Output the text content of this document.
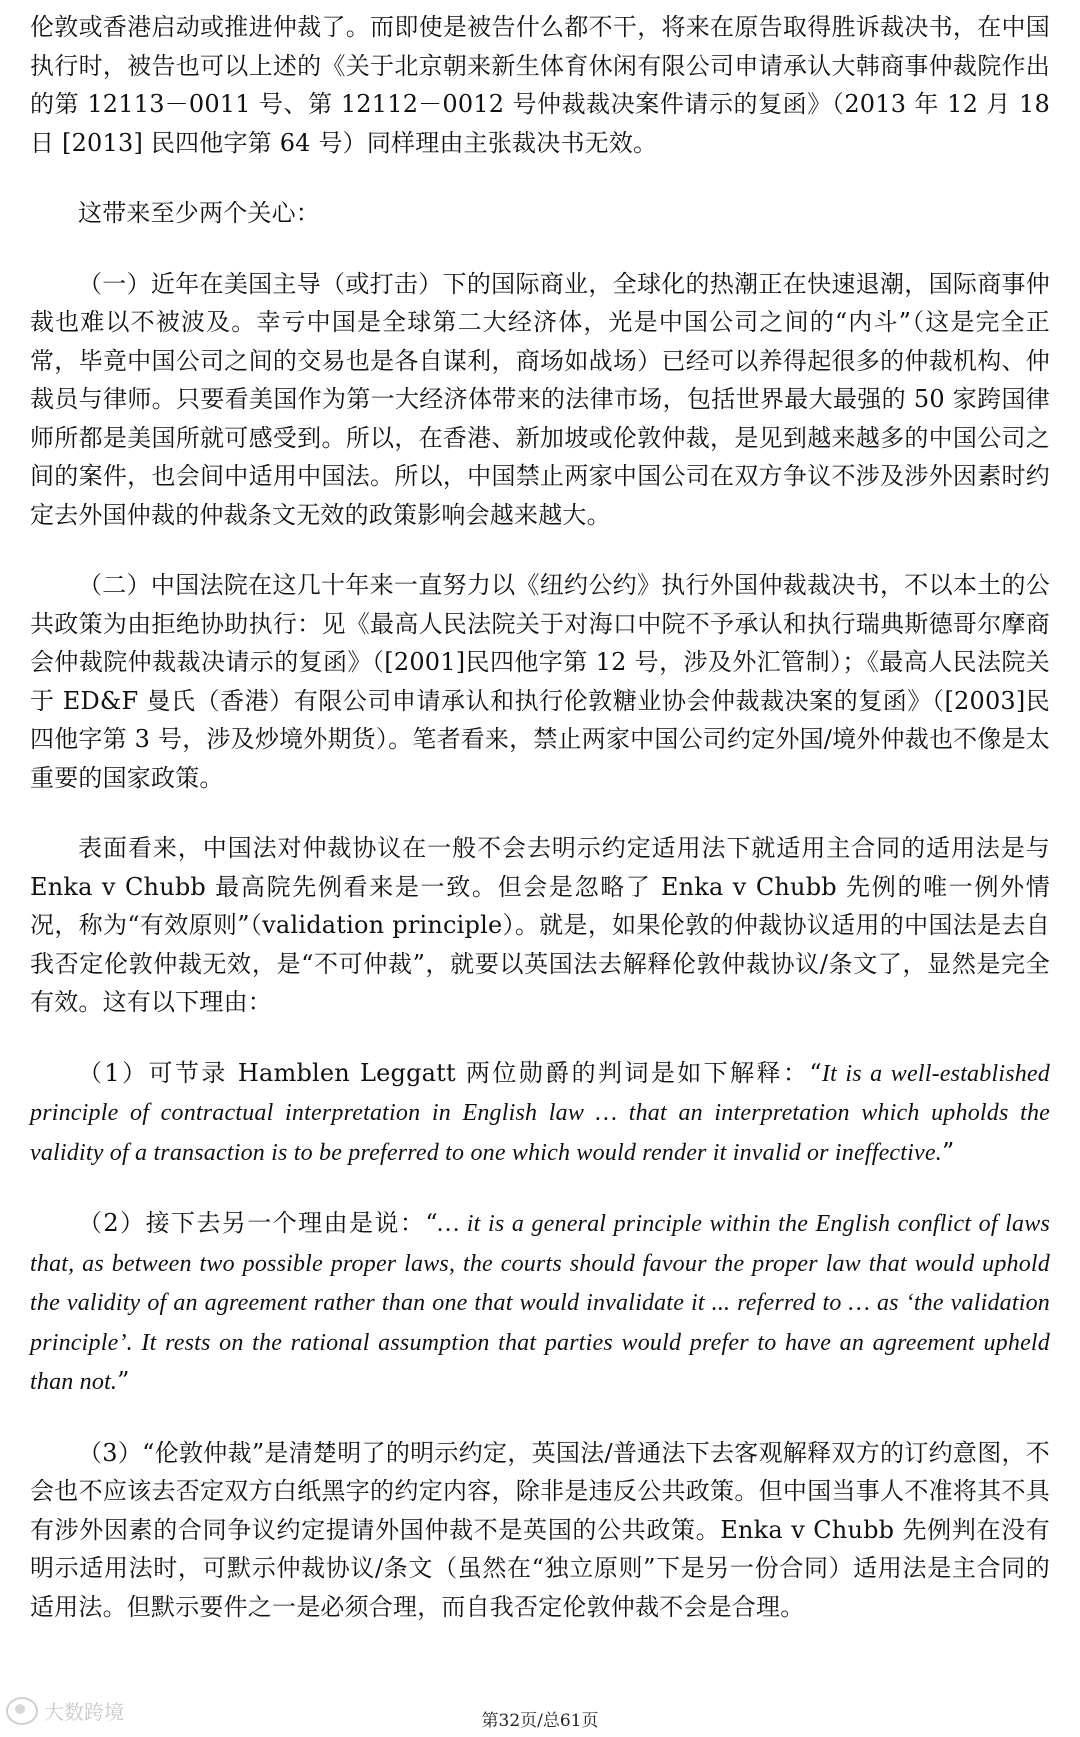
伦敦或香港启动或推进仲裁了。而即使是被告什么都不干，将来在原告取得胜诉裁决书，在中国执行时，被告也可以上述的《关于北京朝来新生体育休闲有限公司申请承认大韩商事仲裁院作出的第 12113－0011 号、第 12112－0012 号仲裁裁决案件请示的复函》（2013 年 12 月 18 日 [2013] 民四他字第 64 号）同样理由主张裁决书无效。

这带来至少两个关心：

（一）近年在美国主导（或打击）下的国际商业，全球化的热潮正在快速退潮，国际商事仲裁也难以不被波及。幸亏中国是全球第二大经济体，光是中国公司之间的“内斗”（这是完全正常，毕竟中国公司之间的交易也是各自谋利，商场如战场）已经可以养得起很多的仲裁机构、仲裁员与律师。只要看美国作为第一大经济体带来的法律市场，包括世界最大最强的 50 家跨国律师所都是美国所就可感受到。所以，在香港、新加坡或伦敦仲裁，是见到越来越多的中国公司之间的案件，也会间中适用中国法。所以，中国禁止两家中国公司在双方争议不涉及涉外因素时约定去外国仲裁的仲裁条文无效的政策影响会越来越大。

（二）中国法院在这几十年来一直努力以《纽约公约》执行外国仲裁裁决书，不以本土的公共政策为由拒绝协助执行：见《最高人民法院关于对海口中院不予承认和执行瑞典斯德哥尔摩商会仲裁院仲裁裁决请示的复函》（[2001]民四他字第 12 号，涉及外汇管制）；《最高人民法院关于 ED&F 曼氏（香港）有限公司申请承认和执行伦敦糖业协会仲裁裁决案的复函》（[2003]民四他字第 3 号，涉及炒境外期货）。笔者看来，禁止两家中国公司约定外国/境外仲裁也不像是太重要的国家政策。

表面看来，中国法对仲裁协议在一般不会去明示约定适用法下就适用主合同的适用法是与 Enka v Chubb 最高院先例看来是一致。但会是忽略了 Enka v Chubb 先例的唯一例外情况，称为“有效原则”（validation principle）。就是，如果伦敦的仲裁协议适用的中国法是去自我否定伦敦仲裁无效，是“不可仲裁”，就要以英国法去解释伦敦仲裁协议/条文了，显然是完全有效。这有以下理由：

（1）可节录 Hamblen Leggatt 两位勋爵的判词是如下解释：“It is a well-established principle of contractual interpretation in English law … that an interpretation which upholds the validity of a transaction is to be preferred to one which would render it invalid or ineffective.”

（2）接下去另一个理由是说：“… it is a general principle within the English conflict of laws that, as between two possible proper laws, the courts should favour the proper law that would uphold the validity of an agreement rather than one that would invalidate it ... referred to … as ‘the validation principle’. It rests on the rational assumption that parties would prefer to have an agreement upheld than not.”

（3）“伦敦仲裁”是清楚明了的明示约定，英国法/普通法下去客观解释双方的订约意图，不会也不应该去否定双方白纸黑字的约定内容，除非是违反公共政策。但中国当事人不准将其不具有涉外因素的合同争议约定提请外国仲裁不是英国的公共政策。Enka v Chubb 先例判在没有明示适用法时，可默示仲裁协议/条文（虽然在“独立原则”下是另一份合同）适用法是主合同的适用法。但默示要件之一是必须合理，而自我否定伦敦仲裁不会是合理。

大数跨境	第32页/总61页
